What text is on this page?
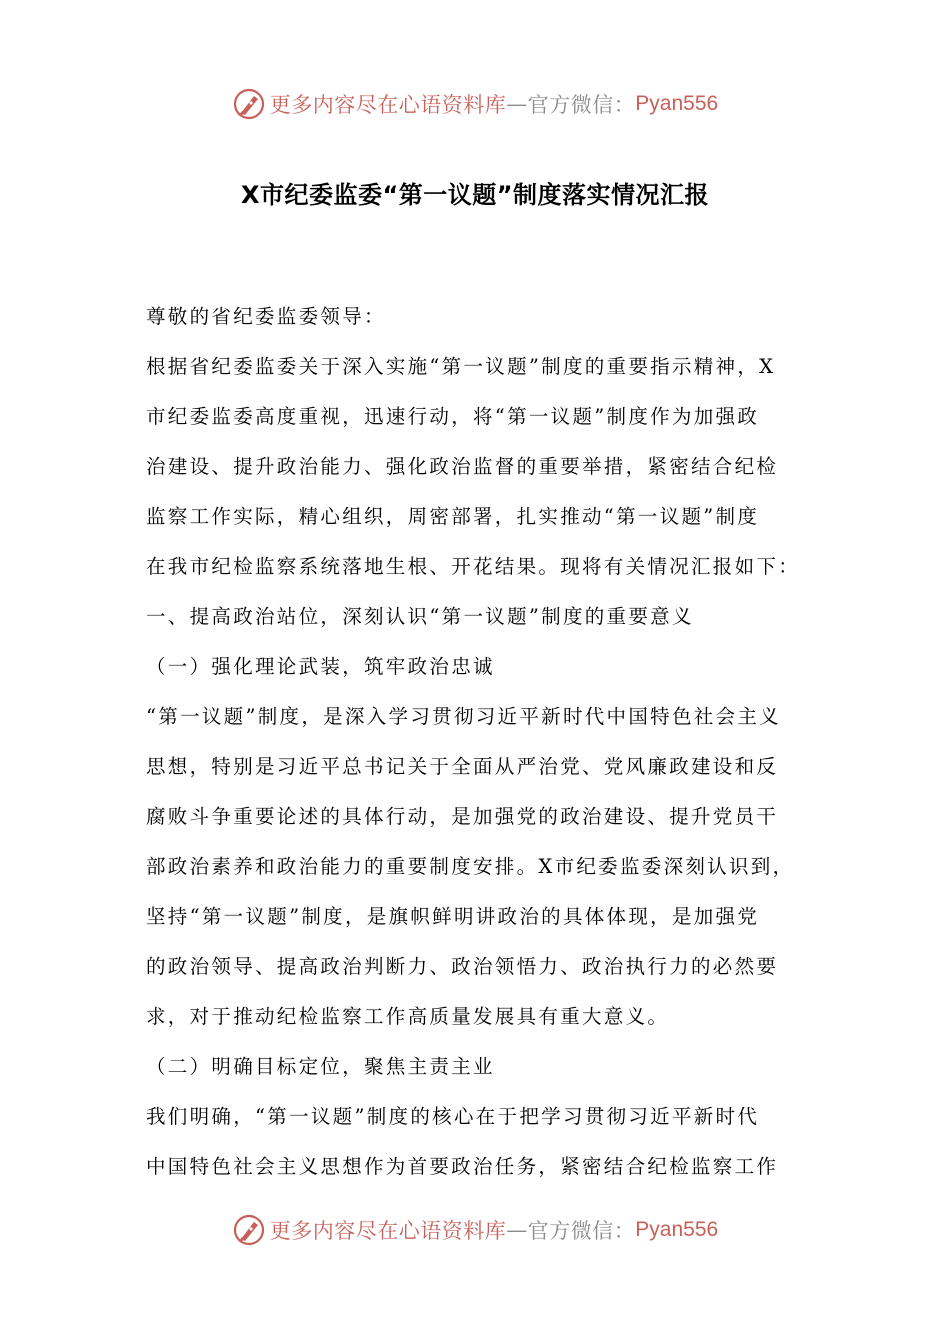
更多内容尽在心语资料库 — 官方微信： Pyan556
X市纪委监委“第一议题”制度落实情况汇报
尊敬的省纪委监委领导：
根据省纪委监委关于深入实施“第一议题”制度的重要指示精神，X
市纪委监委高度重视，迅速行动，将“第一议题”制度作为加强政
治建设、提升政治能力、强化政治监督的重要举措，紧密结合纪检
监察工作实际，精心组织，周密部署，扎实推动“第一议题”制度
在我市纪检监察系统落地生根、开花结果。现将有关情况汇报如下：
一、提高政治站位，深刻认识“第一议题”制度的重要意义
（一）强化理论武装，筑牢政治忠诚
“第一议题”制度，是深入学习贯彻习近平新时代中国特色社会主义
思想，特别是习近平总书记关于全面从严治党、党风廉政建设和反
腐败斗争重要论述的具体行动，是加强党的政治建设、提升党员干
部政治素养和政治能力的重要制度安排。X市纪委监委深刻认识到，
坚持“第一议题”制度，是旗帜鲜明讲政治的具体体现，是加强党
的政治领导、提高政治判断力、政治领悟力、政治执行力的必然要
求，对于推动纪检监察工作高质量发展具有重大意义。
（二）明确目标定位，聚焦主责主业
我们明确，“第一议题”制度的核心在于把学习贯彻习近平新时代
中国特色社会主义思想作为首要政治任务，紧密结合纪检监察工作
更多内容尽在心语资料库 — 官方微信： Pyan556
